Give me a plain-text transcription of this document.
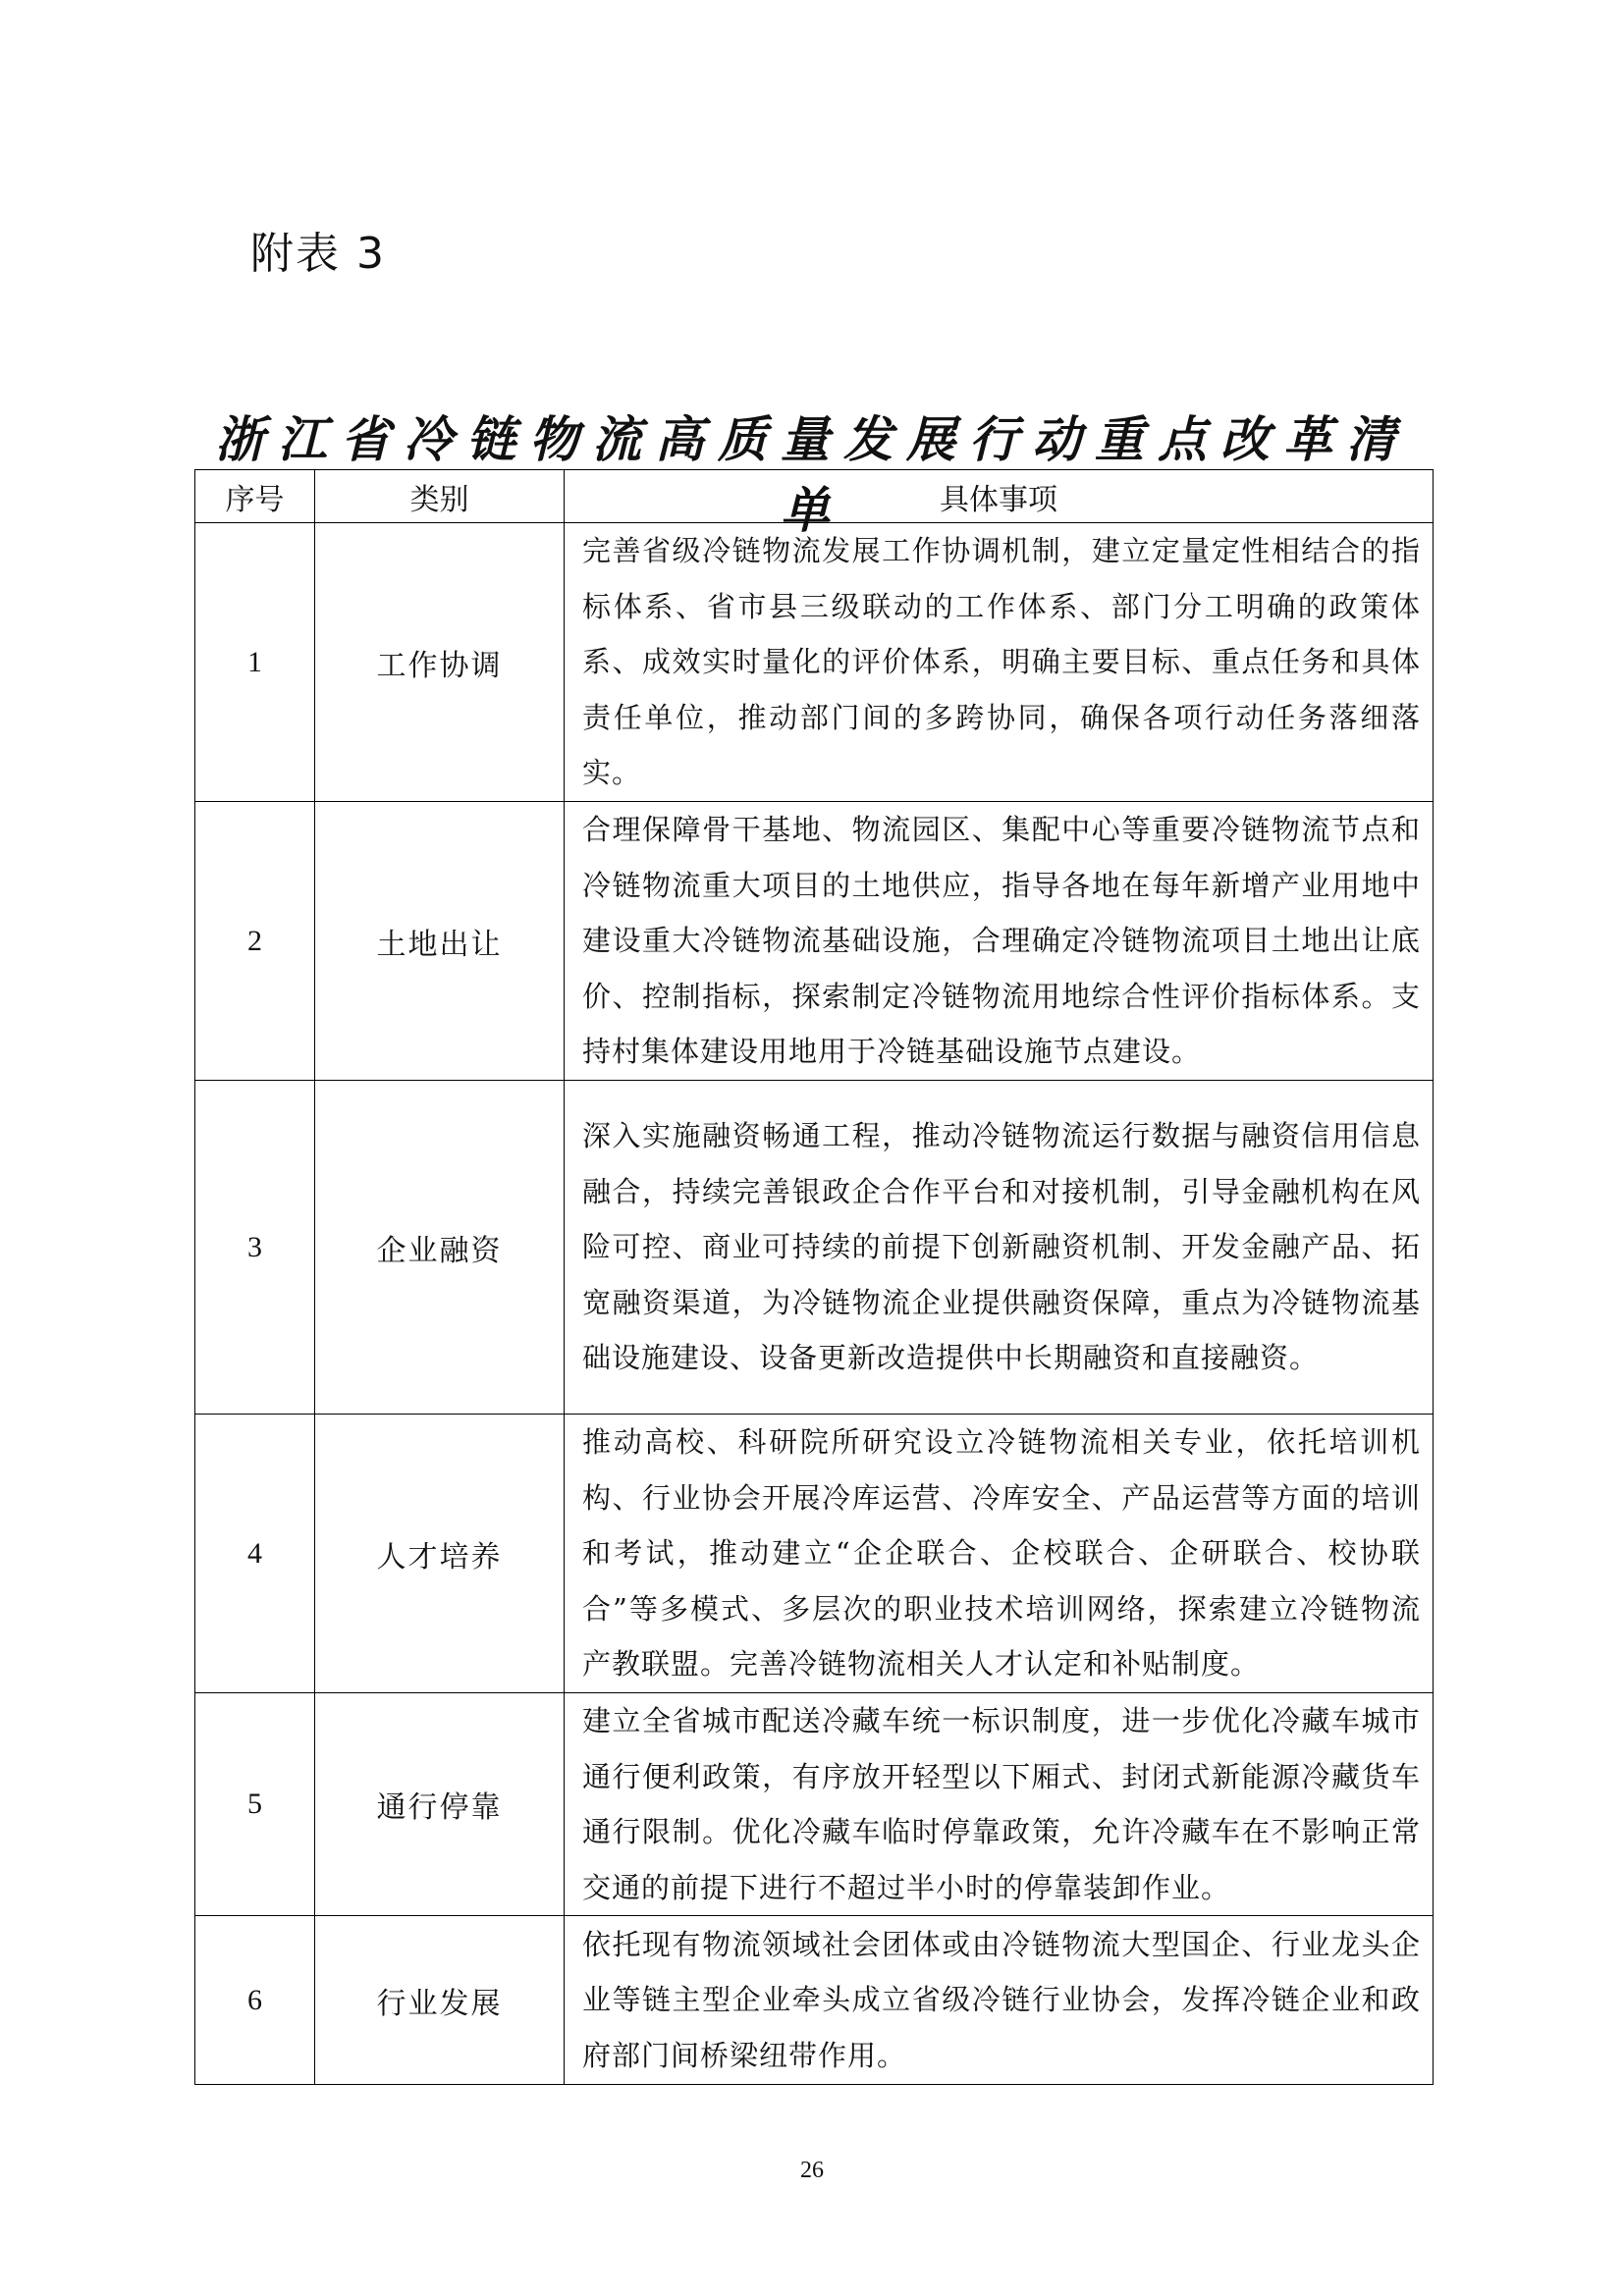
附表 3
浙江省冷链物流高质量发展行动重点改革清单
序号	类别	具体事项
1	工作协调	完善省级冷链物流发展工作协调机制，建立定量定性相结合的指标体系、省市县三级联动的工作体系、部门分工明确的政策体系、成效实时量化的评价体系，明确主要目标、重点任务和具体责任单位，推动部门间的多跨协同，确保各项行动任务落细落实。
2	土地出让	合理保障骨干基地、物流园区、集配中心等重要冷链物流节点和冷链物流重大项目的土地供应，指导各地在每年新增产业用地中建设重大冷链物流基础设施，合理确定冷链物流项目土地出让底价、控制指标，探索制定冷链物流用地综合性评价指标体系。支持村集体建设用地用于冷链基础设施节点建设。
3	企业融资	深入实施融资畅通工程，推动冷链物流运行数据与融资信用信息融合，持续完善银政企合作平台和对接机制，引导金融机构在风险可控、商业可持续的前提下创新融资机制、开发金融产品、拓宽融资渠道，为冷链物流企业提供融资保障，重点为冷链物流基础设施建设、设备更新改造提供中长期融资和直接融资。
4	人才培养	推动高校、科研院所研究设立冷链物流相关专业，依托培训机构、行业协会开展冷库运营、冷库安全、产品运营等方面的培训和考试，推动建立“企企联合、企校联合、企研联合、校协联合”等多模式、多层次的职业技术培训网络，探索建立冷链物流产教联盟。完善冷链物流相关人才认定和补贴制度。
5	通行停靠	建立全省城市配送冷藏车统一标识制度，进一步优化冷藏车城市通行便利政策，有序放开轻型以下厢式、封闭式新能源冷藏货车通行限制。优化冷藏车临时停靠政策，允许冷藏车在不影响正常交通的前提下进行不超过半小时的停靠装卸作业。
6	行业发展	依托现有物流领域社会团体或由冷链物流大型国企、行业龙头企业等链主型企业牵头成立省级冷链行业协会，发挥冷链企业和政府部门间桥梁纽带作用。
26
